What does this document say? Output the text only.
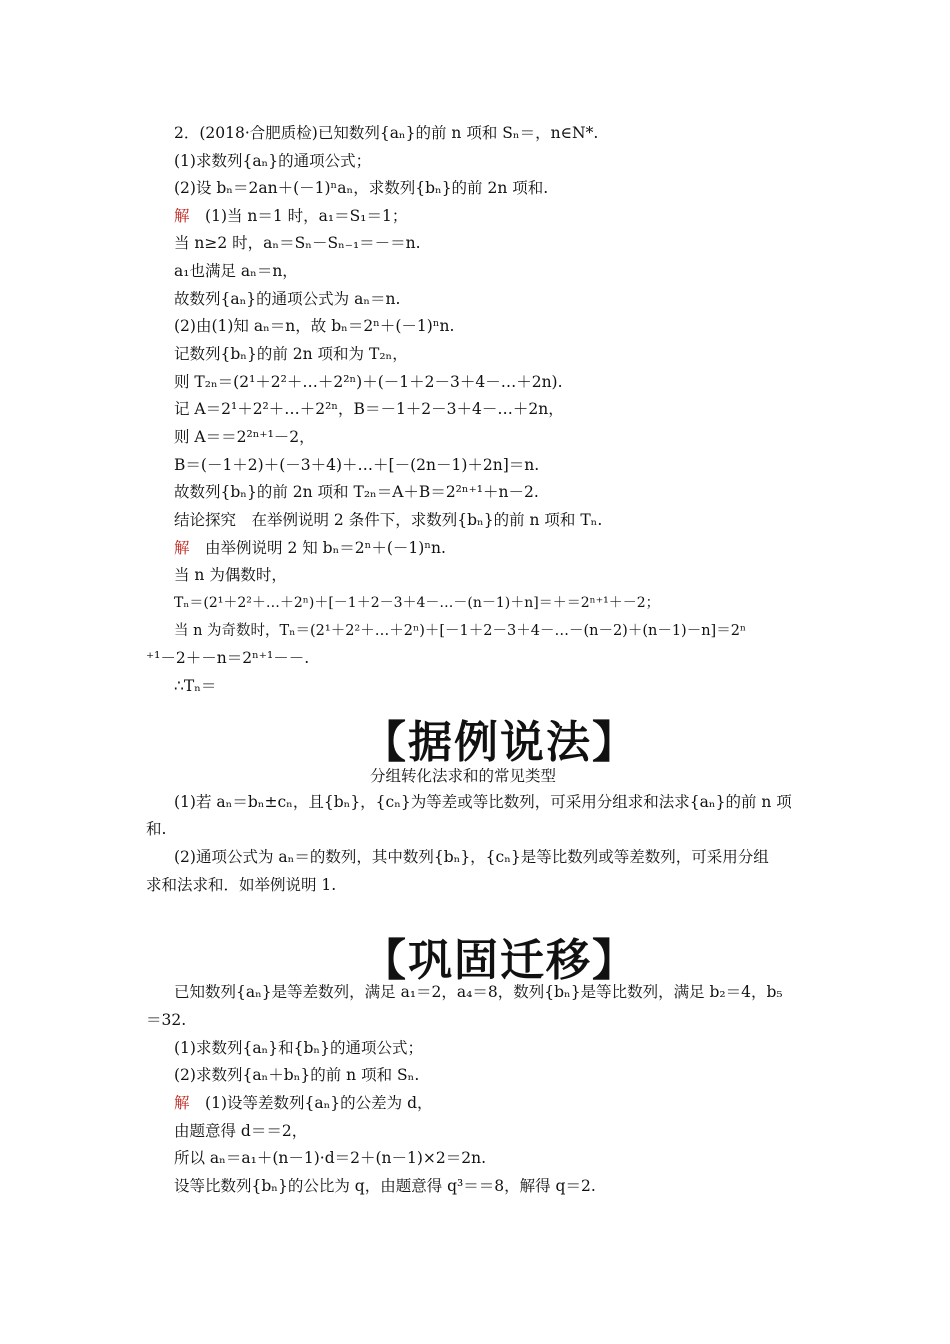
2．(2018·合肥质检)已知数列{aₙ}的前 n 项和 Sₙ＝，n∈N*.
(1)求数列{aₙ}的通项公式；
(2)设 bₙ＝2an＋(－1)ⁿaₙ，求数列{bₙ}的前 2n 项和.
解　 (1)当 n＝1 时，a₁＝S₁＝1；
当 n≥2 时，aₙ＝Sₙ－Sₙ₋₁＝－＝n.
a₁也满足 aₙ＝n，
故数列{aₙ}的通项公式为 aₙ＝n.
(2)由(1)知 aₙ＝n，故 bₙ＝2ⁿ＋(－1)ⁿn.
记数列{bₙ}的前 2n 项和为 T₂ₙ，
则 T₂ₙ＝(2¹＋2²＋…＋2²ⁿ)＋(－1＋2－3＋4－…＋2n).
记 A＝2¹＋2²＋…＋2²ⁿ，B＝－1＋2－3＋4－…＋2n，
则 A＝＝2²ⁿ⁺¹－2，
B＝(－1＋2)＋(－3＋4)＋…＋[－(2n－1)＋2n]＝n.
故数列{bₙ}的前 2n 项和 T₂ₙ＝A＋B＝2²ⁿ⁺¹＋n－2.
结论探究　在举例说明 2 条件下，求数列{bₙ}的前 n 项和 Tₙ.
解　 由举例说明 2 知 bₙ＝2ⁿ＋(－1)ⁿn.
当 n 为偶数时，
Tₙ＝(2¹＋2²＋…＋2ⁿ)＋[－1＋2－3＋4－…－(n－1)＋n]＝＋＝2ⁿ⁺¹＋－2；
当 n 为奇数时，Tₙ＝(2¹＋2²＋…＋2ⁿ)＋[－1＋2－3＋4－…－(n－2)＋(n－1)－n]＝2ⁿ
⁺¹－2＋－n＝2ⁿ⁺¹－－.
∴Tₙ＝
【据例说法】
分组转化法求和的常见类型
(1)若 aₙ＝bₙ±cₙ，且{bₙ}，{cₙ}为等差或等比数列，可采用分组求和法求{aₙ}的前 n 项
和.
(2)通项公式为 aₙ＝的数列，其中数列{bₙ}，{cₙ}是等比数列或等差数列，可采用分组
求和法求和．如举例说明 1.
【巩固迁移】
已知数列{aₙ}是等差数列，满足 a₁＝2，a₄＝8，数列{bₙ}是等比数列，满足 b₂＝4，b₅
＝32.
(1)求数列{aₙ}和{bₙ}的通项公式；
(2)求数列{aₙ＋bₙ}的前 n 项和 Sₙ.
解　 (1)设等差数列{aₙ}的公差为 d，
由题意得 d＝＝2，
所以 aₙ＝a₁＋(n－1)·d＝2＋(n－1)×2＝2n.
设等比数列{bₙ}的公比为 q，由题意得 q³＝＝8，解得 q＝2.
